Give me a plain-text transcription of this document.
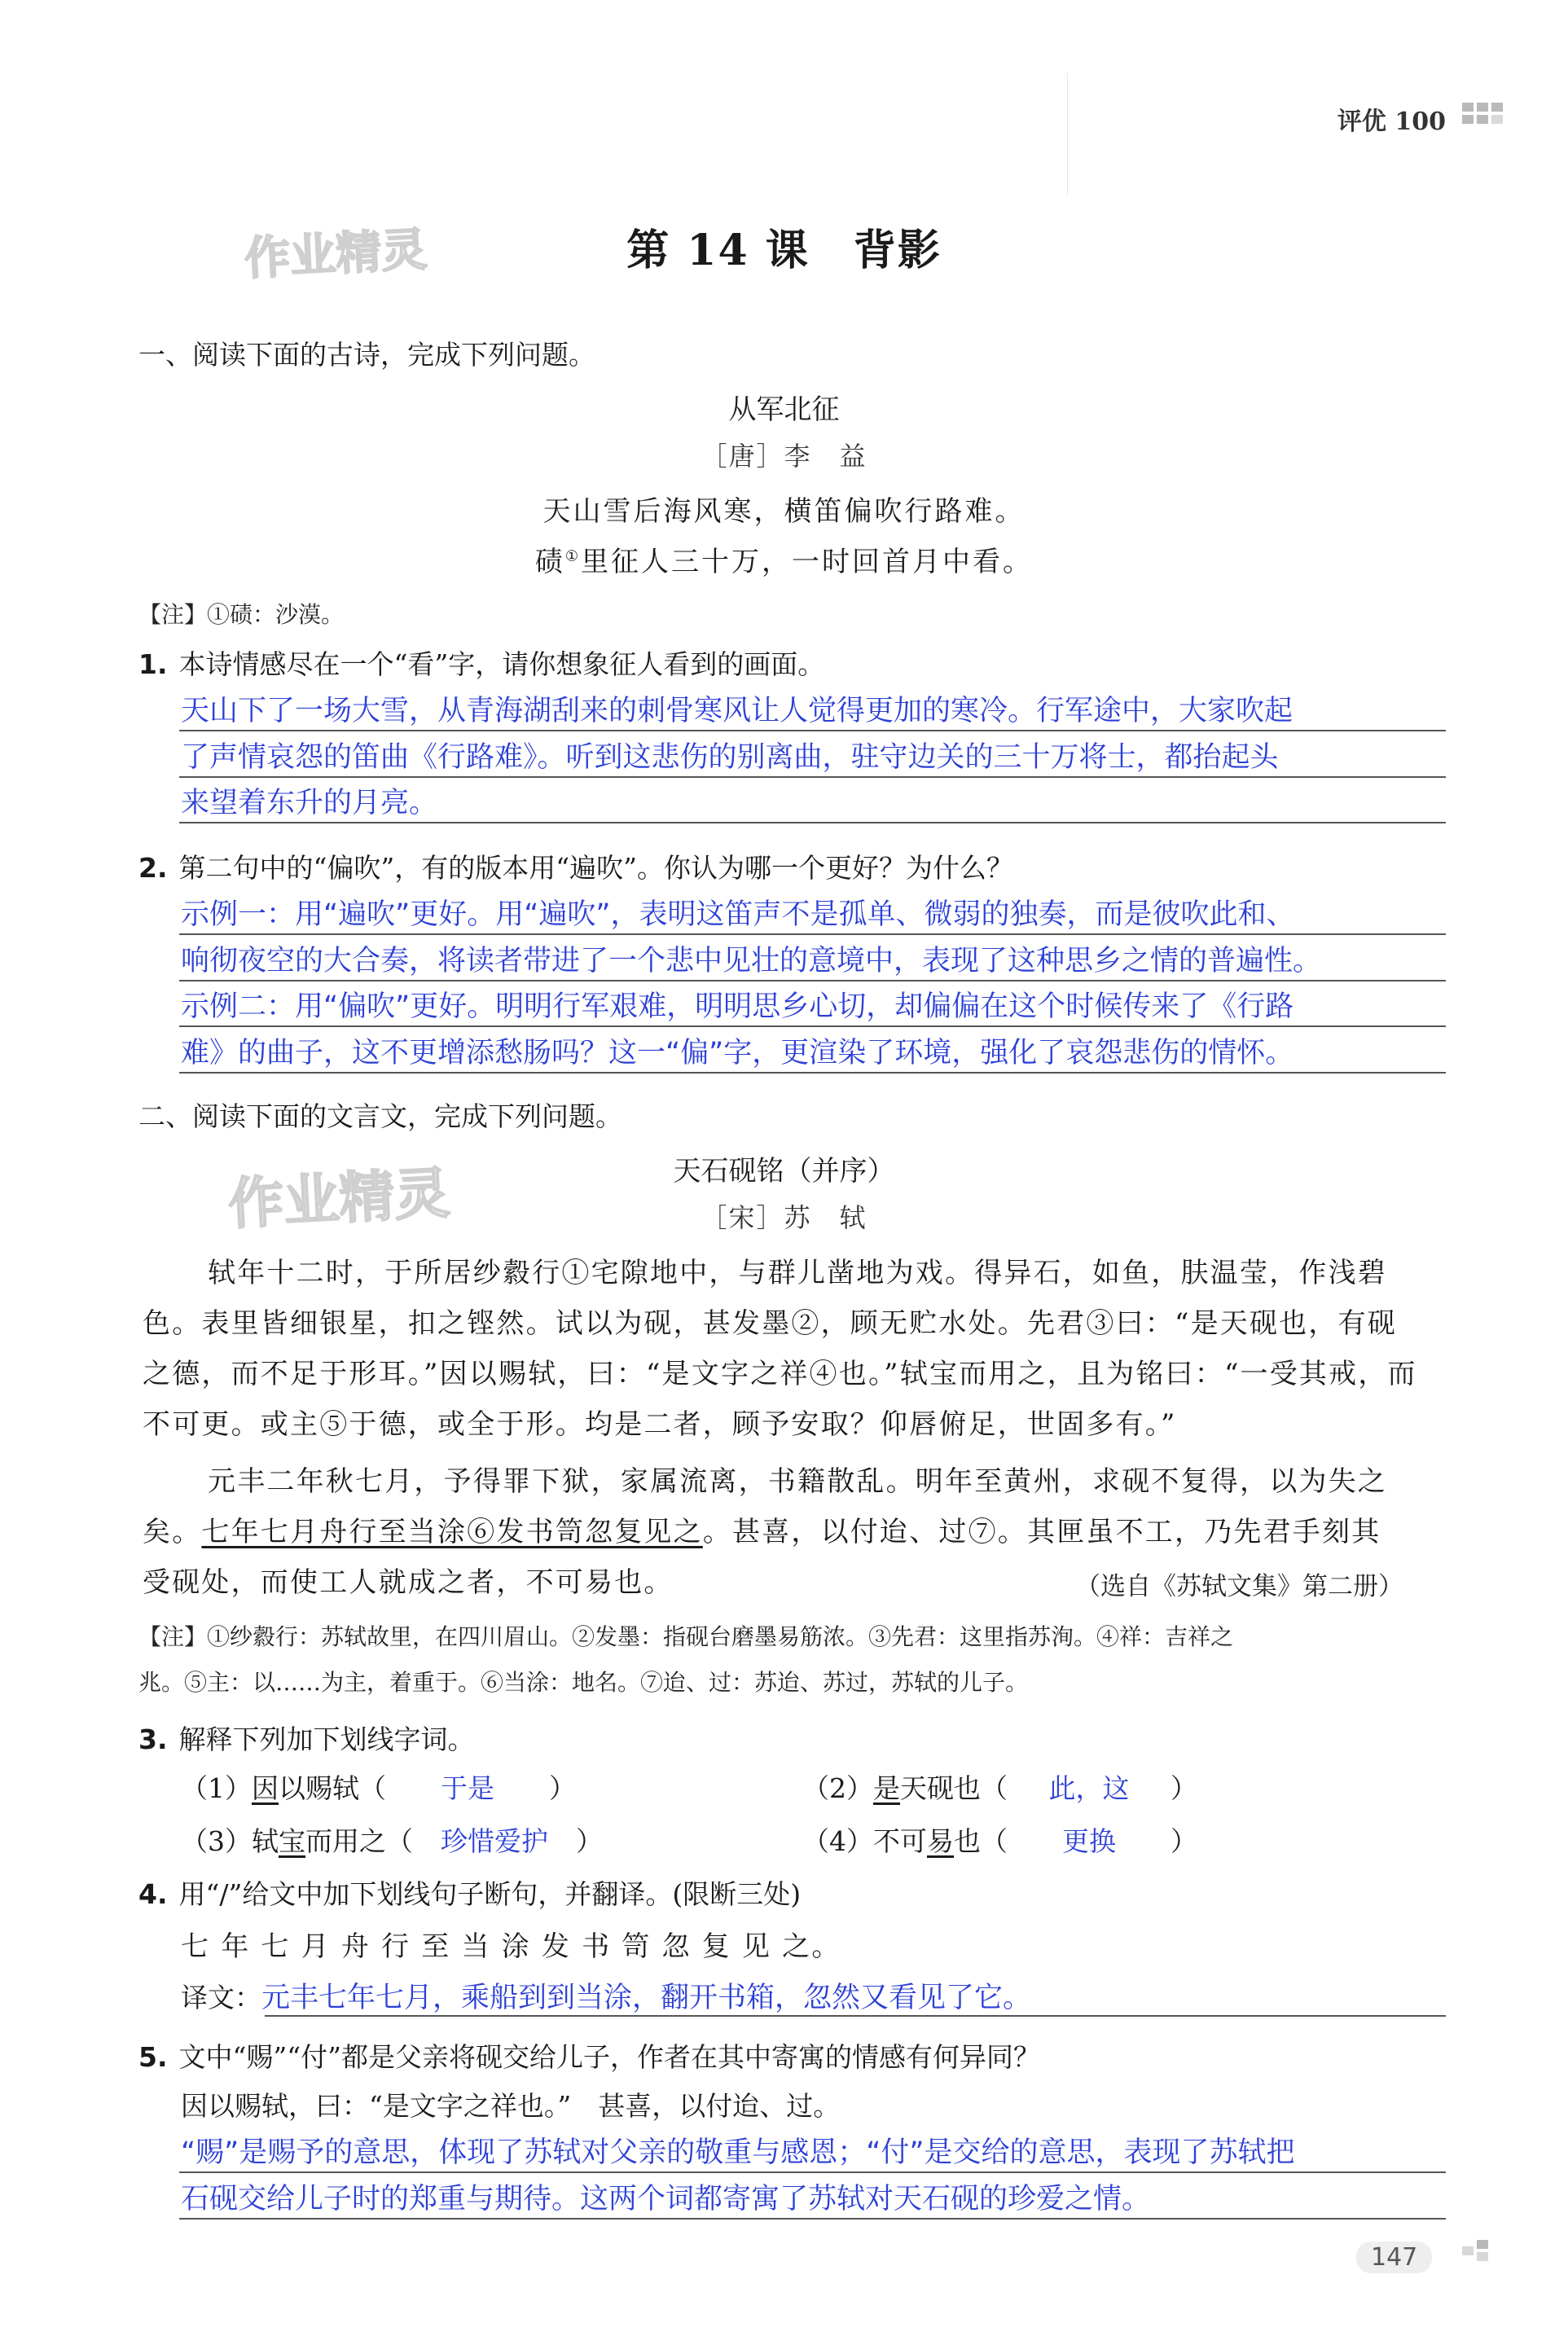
评优 100
作业精灵
作业精灵
第 14 课　背影
一、阅读下面的古诗，完成下列问题。
从军北征
［唐］李　益
天山雪后海风寒，横笛偏吹行路难。
碛①里征人三十万，一时回首月中看。
【注】①碛：沙漠。
1. 本诗情感尽在一个“看”字，请你想象征人看到的画面。
天山下了一场大雪，从青海湖刮来的刺骨寒风让人觉得更加的寒冷。行军途中，大家吹起
了声情哀怨的笛曲《行路难》。听到这悲伤的别离曲，驻守边关的三十万将士，都抬起头
来望着东升的月亮。
2. 第二句中的“偏吹”，有的版本用“遍吹”。你认为哪一个更好？为什么？
示例一：用“遍吹”更好。用“遍吹”，表明这笛声不是孤单、微弱的独奏，而是彼吹此和、
响彻夜空的大合奏，将读者带进了一个悲中见壮的意境中，表现了这种思乡之情的普遍性。
示例二：用“偏吹”更好。明明行军艰难，明明思乡心切，却偏偏在这个时候传来了《行路
难》的曲子，这不更增添愁肠吗？这一“偏”字，更渲染了环境，强化了哀怨悲伤的情怀。
二、阅读下面的文言文，完成下列问题。
天石砚铭（并序）
［宋］苏　轼
轼年十二时，于所居纱縠行①宅隙地中，与群儿凿地为戏。得异石，如鱼，肤温莹，作浅碧
色。表里皆细银星，扣之铿然。试以为砚，甚发墨②，顾无贮水处。先君③曰：“是天砚也，有砚
之德，而不足于形耳。”因以赐轼，曰：“是文字之祥④也。”轼宝而用之，且为铭曰：“一受其戒，而
不可更。或主⑤于德，或全于形。均是二者，顾予安取？仰唇俯足，世固多有。”
元丰二年秋七月，予得罪下狱，家属流离，书籍散乱。明年至黄州，求砚不复得，以为失之
矣。七年七月舟行至当涂⑥发书笥忽复见之。甚喜，以付迨、过⑦。其匣虽不工，乃先君手刻其
受砚处，而使工人就成之者，不可易也。	（选自《苏轼文集》第二册）
【注】①纱縠行：苏轼故里，在四川眉山。②发墨：指砚台磨墨易筋浓。③先君：这里指苏洵。④祥：吉祥之
兆。⑤主：以……为主，着重于。⑥当涂：地名。⑦迨、过：苏迨、苏过，苏轼的儿子。
3. 解释下列加下划线字词。
（1）因以赐轼（ 于是 ）	（2）是天砚也（ 此，这 ）
（3）轼宝而用之（ 珍惜爱护 ）	（4）不可易也（ 更换 ）
4. 用“/”给文中加下划线句子断句，并翻译。(限断三处)
七 年 七 月 舟 行 至 当 涂 发 书 笥 忽 复 见 之。
译文：元丰七年七月，乘船到到当涂，翻开书箱，忽然又看见了它。
5. 文中“赐”“付”都是父亲将砚交给儿子，作者在其中寄寓的情感有何异同？
因以赐轼，曰：“是文字之祥也。”　甚喜，以付迨、过。
“赐”是赐予的意思，体现了苏轼对父亲的敬重与感恩；“付”是交给的意思，表现了苏轼把
石砚交给儿子时的郑重与期待。这两个词都寄寓了苏轼对天石砚的珍爱之情。
147
